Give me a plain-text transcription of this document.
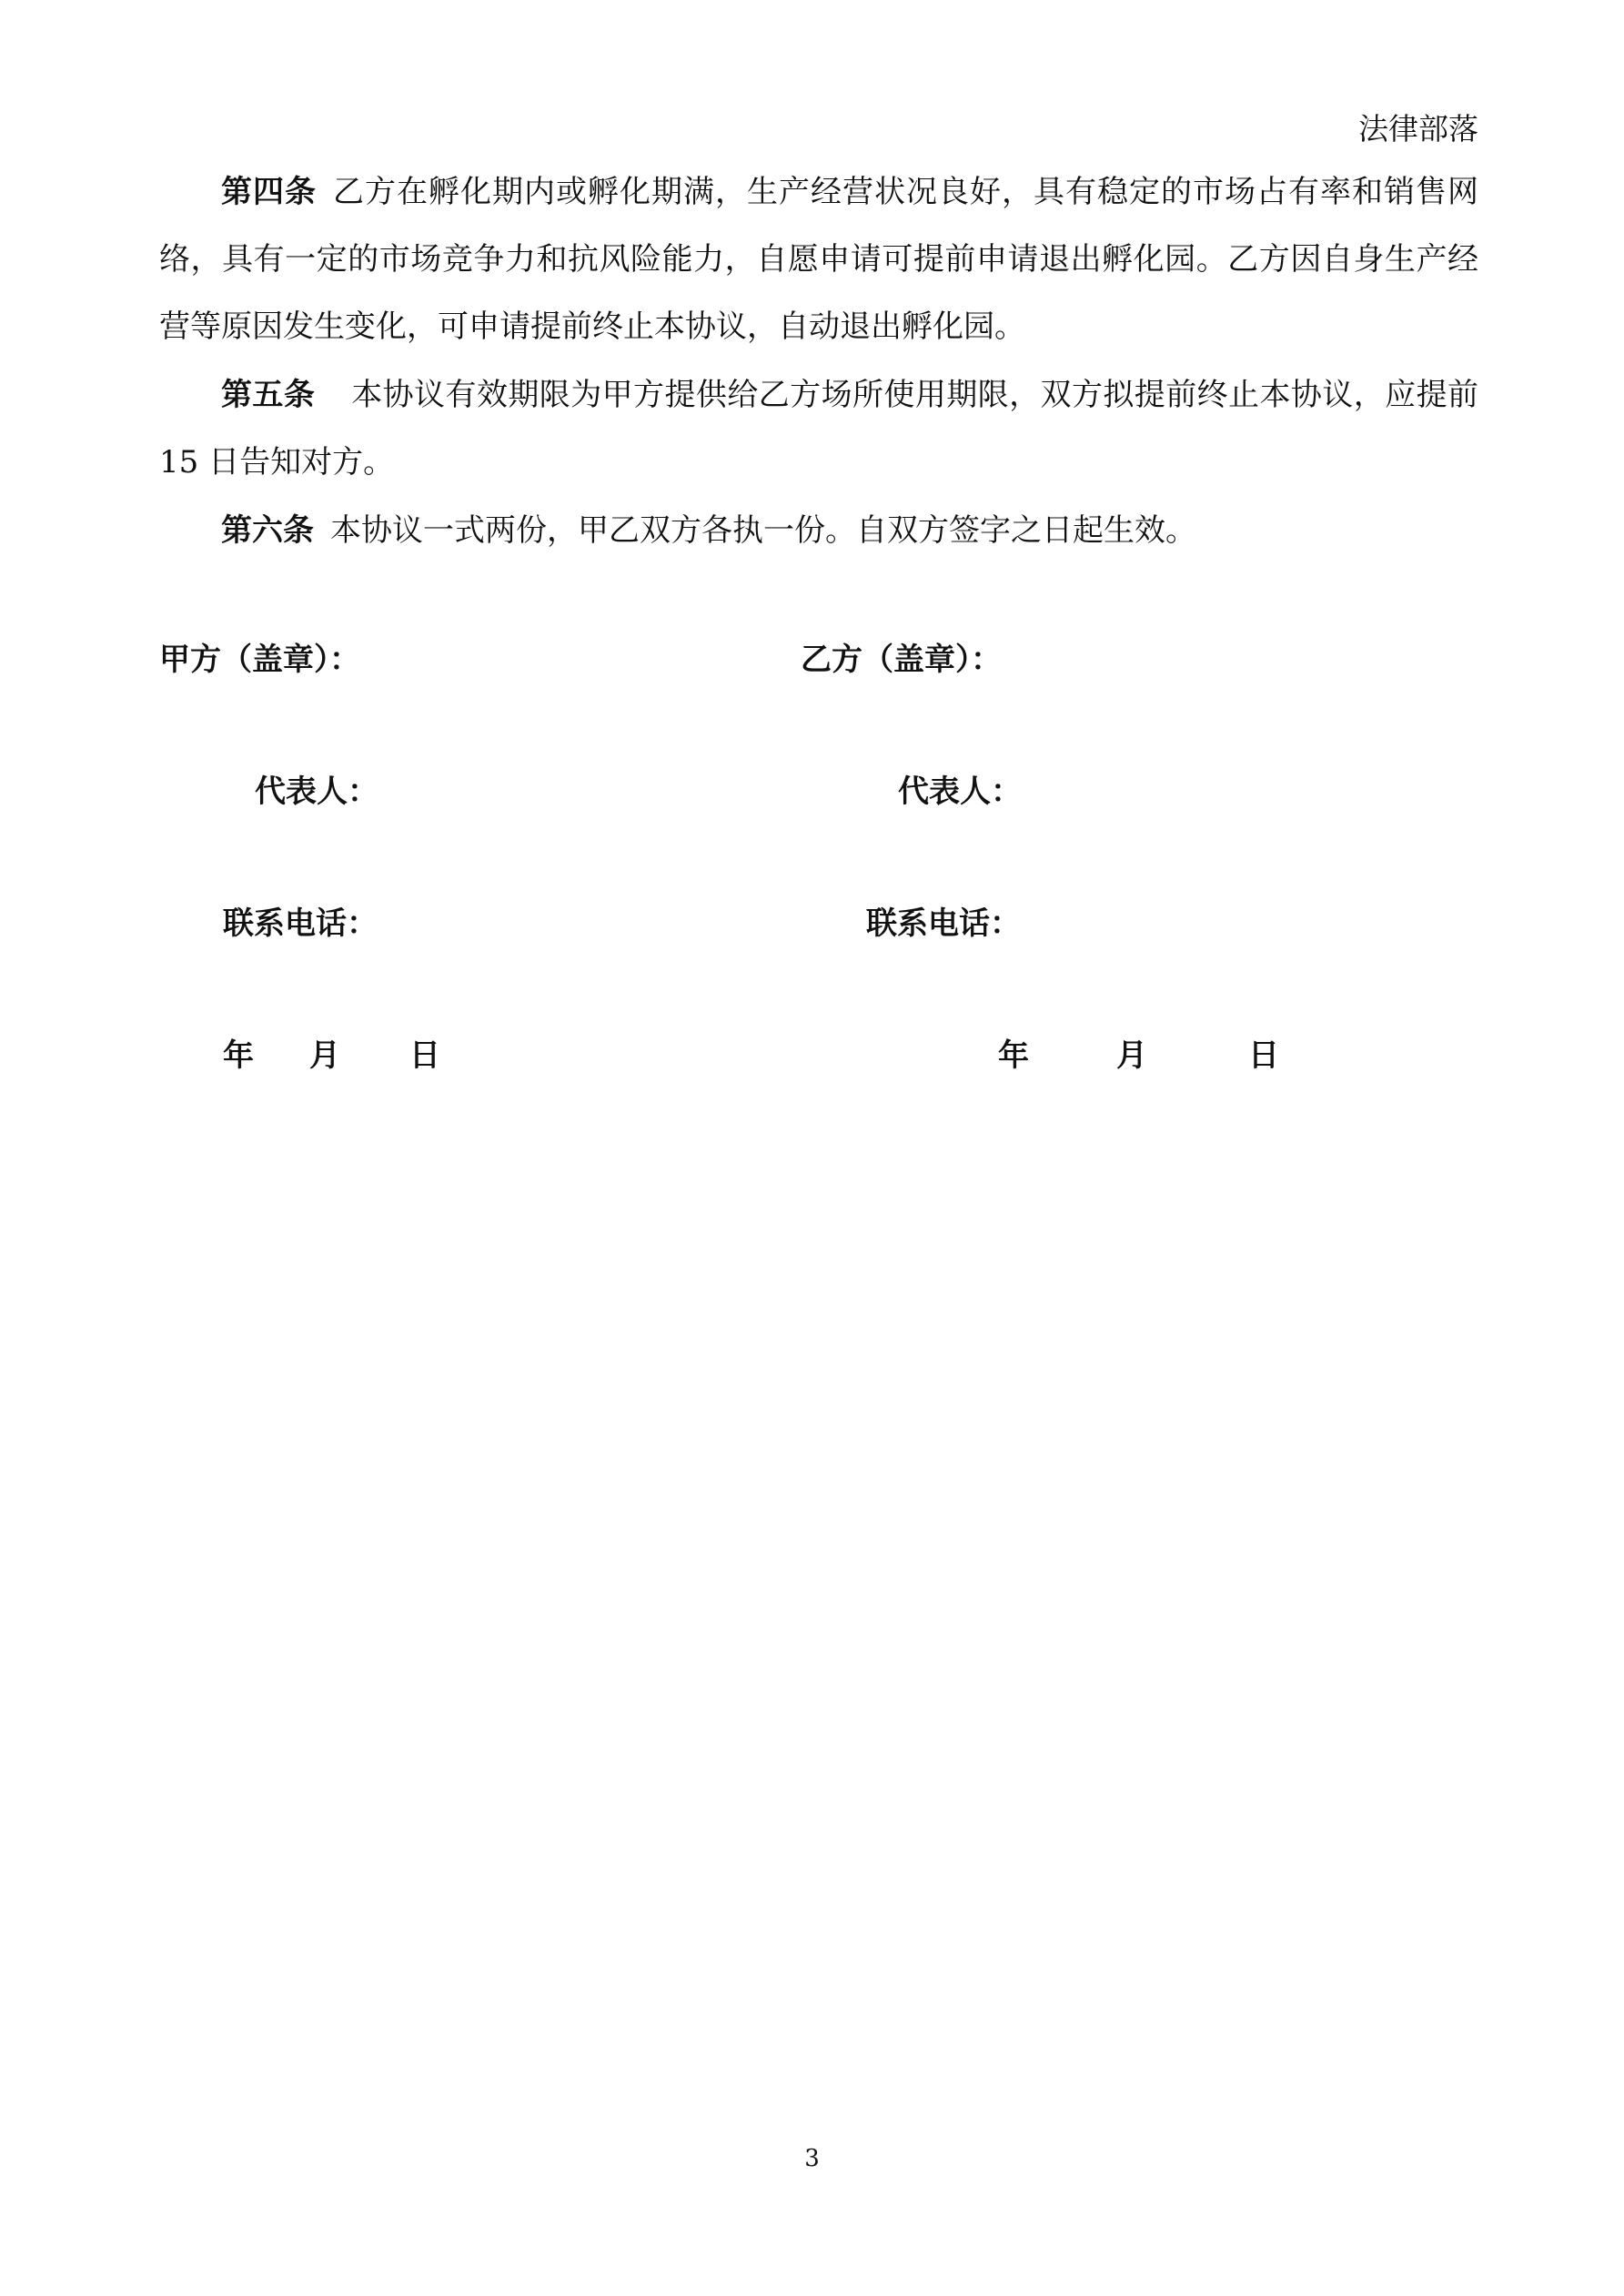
法律部落

第四条 乙方在孵化期内或孵化期满，生产经营状况良好，具有稳定的市场占有率和销售网络，具有一定的市场竞争力和抗风险能力，自愿申请可提前申请退出孵化园。乙方因自身生产经营等原因发生变化，可申请提前终止本协议，自动退出孵化园。

第五条 本协议有效期限为甲方提供给乙方场所使用期限，双方拟提前终止本协议，应提前 15 日告知对方。

第六条 本协议一式两份，甲乙双方各执一份。自双方签字之日起生效。

甲方（盖章）：
代表人：
联系电话：
年 月 日
乙方（盖章）：
代表人：
联系电话：
年	月	日
3
